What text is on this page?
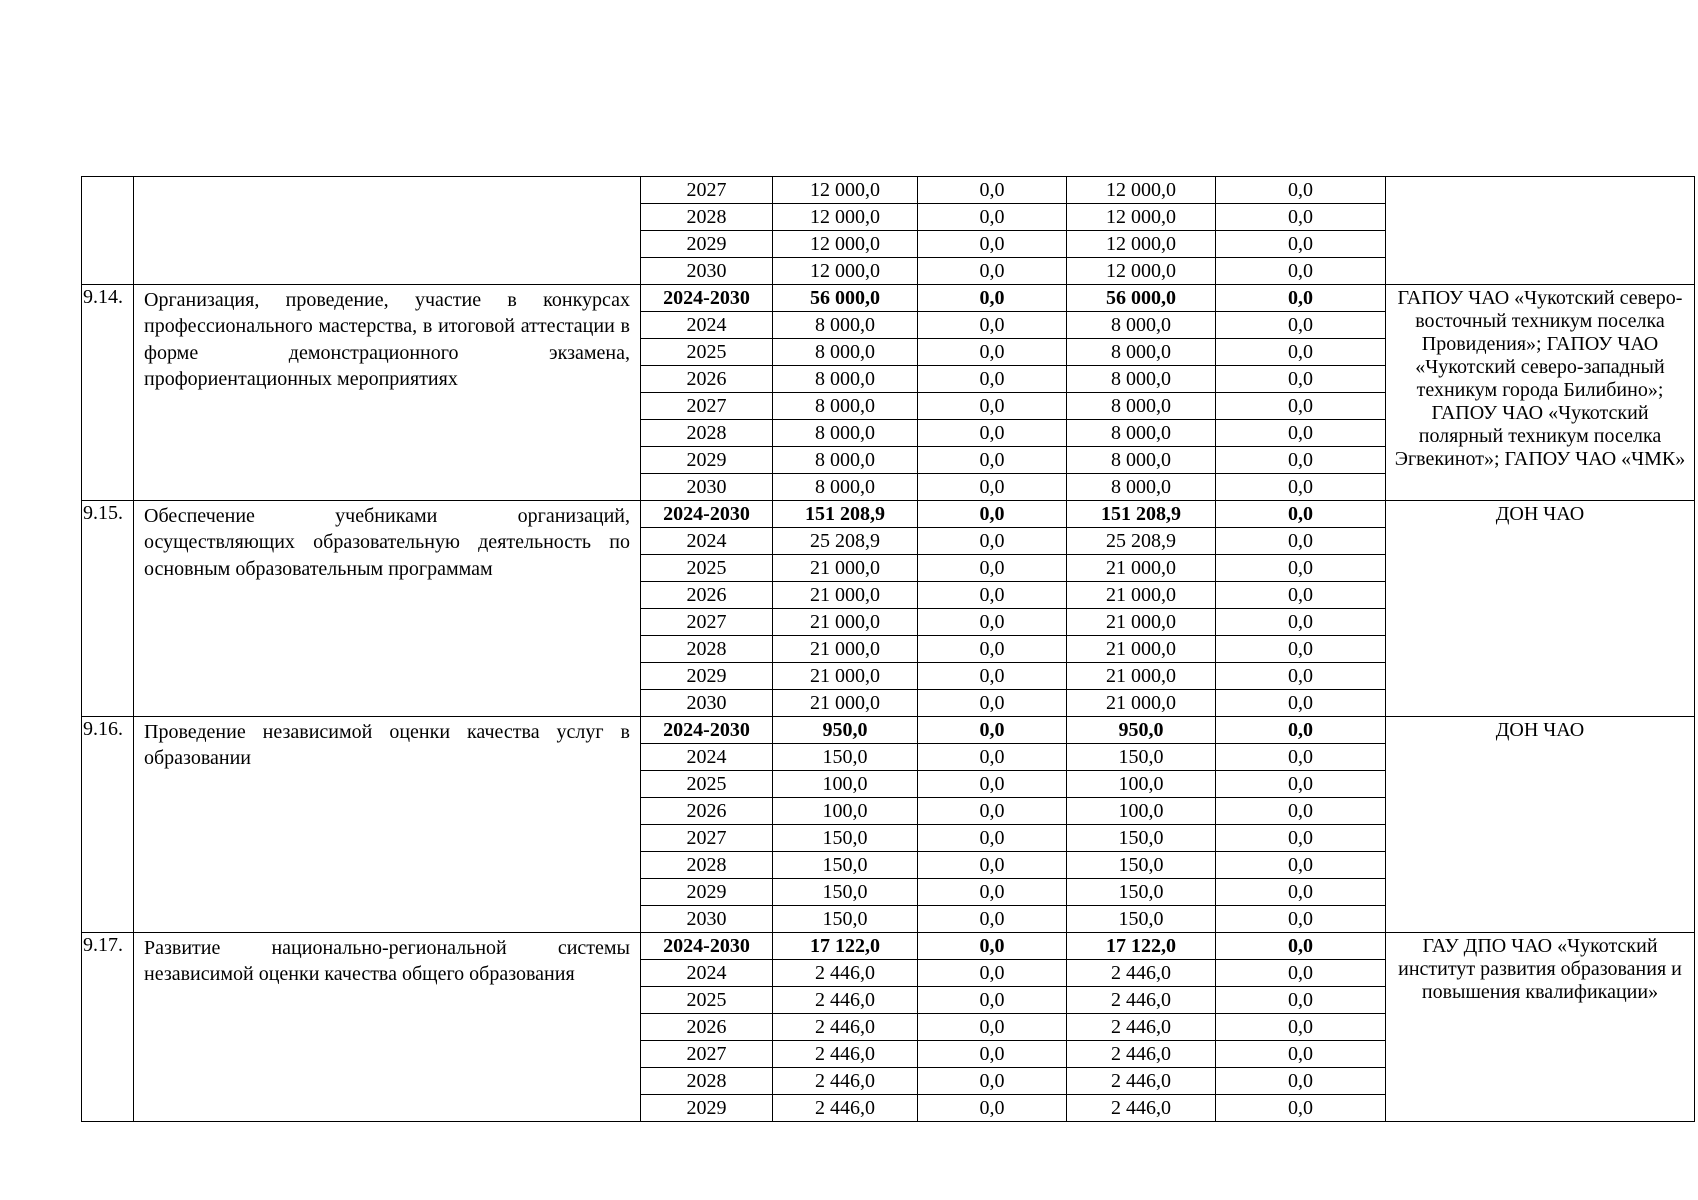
		2027	12 000,0	0,0	12 000,0	0,0	
		2028	12 000,0	0,0	12 000,0	0,0	
		2029	12 000,0	0,0	12 000,0	0,0	
		2030	12 000,0	0,0	12 000,0	0,0	
9.14.	Организация, проведение, участие в конкурсах профессионального мастерства, в итоговой аттестации в форме демонстрационного экзамена, профориентационных мероприятиях	2024-2030	56 000,0	0,0	56 000,0	0,0	ГАПОУ ЧАО «Чукотский северо-восточный техникум поселка Провидения»; ГАПОУ ЧАО «Чукотский северо-западный техникум города Билибино»; ГАПОУ ЧАО «Чукотский полярный техникум поселка Эгвекинот»; ГАПОУ ЧАО «ЧМК»
		2024	8 000,0	0,0	8 000,0	0,0	
		2025	8 000,0	0,0	8 000,0	0,0	
		2026	8 000,0	0,0	8 000,0	0,0	
		2027	8 000,0	0,0	8 000,0	0,0	
		2028	8 000,0	0,0	8 000,0	0,0	
		2029	8 000,0	0,0	8 000,0	0,0	
		2030	8 000,0	0,0	8 000,0	0,0	
9.15.	Обеспечение учебниками организаций, осуществляющих образовательную деятельность по основным образовательным программам	2024-2030	151 208,9	0,0	151 208,9	0,0	ДОН ЧАО
		2024	25 208,9	0,0	25 208,9	0,0	
		2025	21 000,0	0,0	21 000,0	0,0	
		2026	21 000,0	0,0	21 000,0	0,0	
		2027	21 000,0	0,0	21 000,0	0,0	
		2028	21 000,0	0,0	21 000,0	0,0	
		2029	21 000,0	0,0	21 000,0	0,0	
		2030	21 000,0	0,0	21 000,0	0,0	
9.16.	Проведение независимой оценки качества услуг в образовании	2024-2030	950,0	0,0	950,0	0,0	ДОН ЧАО
		2024	150,0	0,0	150,0	0,0	
		2025	100,0	0,0	100,0	0,0	
		2026	100,0	0,0	100,0	0,0	
		2027	150,0	0,0	150,0	0,0	
		2028	150,0	0,0	150,0	0,0	
		2029	150,0	0,0	150,0	0,0	
		2030	150,0	0,0	150,0	0,0	
9.17.	Развитие национально-региональной системы независимой оценки качества общего образования	2024-2030	17 122,0	0,0	17 122,0	0,0	ГАУ ДПО ЧАО «Чукотский институт развития образования и повышения квалификации»
		2024	2 446,0	0,0	2 446,0	0,0	
		2025	2 446,0	0,0	2 446,0	0,0	
		2026	2 446,0	0,0	2 446,0	0,0	
		2027	2 446,0	0,0	2 446,0	0,0	
		2028	2 446,0	0,0	2 446,0	0,0	
		2029	2 446,0	0,0	2 446,0	0,0	
